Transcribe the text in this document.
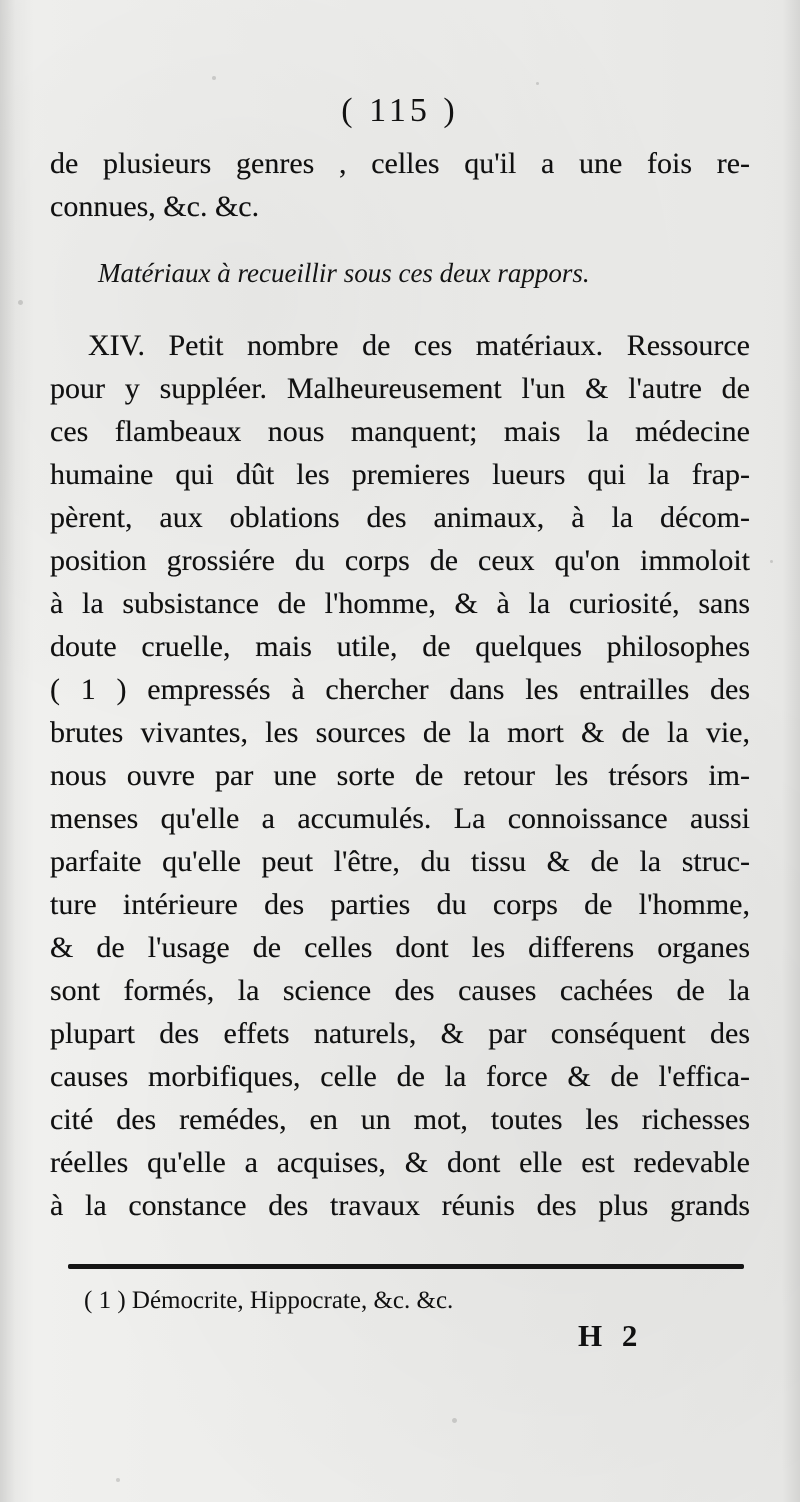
( 115 )
de plusieurs genres , celles qu'il a une fois re-
connues, &c. &c.
Matériaux à recueillir sous ces deux rappors.
XIV. Petit nombre de ces matériaux. Ressource
pour y suppléer. Malheureusement l'un & l'autre de
ces flambeaux nous manquent; mais la médecine
humaine qui dût les premieres lueurs qui la frap-
pèrent, aux oblations des animaux, à la décom-
position grossiére du corps de ceux qu'on immoloit
à la subsistance de l'homme, & à la curiosité, sans
doute cruelle, mais utile, de quelques philosophes
( 1 ) empressés à chercher dans les entrailles des
brutes vivantes, les sources de la mort & de la vie,
nous ouvre par une sorte de retour les trésors im-
menses qu'elle a accumulés. La connoissance aussi
parfaite qu'elle peut l'être, du tissu & de la struc-
ture intérieure des parties du corps de l'homme,
& de l'usage de celles dont les differens organes
sont formés, la science des causes cachées de la
plupart des effets naturels, & par conséquent des
causes morbifiques, celle de la force & de l'effica-
cité des remédes, en un mot, toutes les richesses
réelles qu'elle a acquises, & dont elle est redevable
à la constance des travaux réunis des plus grands
( 1 ) Démocrite, Hippocrate, &c. &c.
H 2
